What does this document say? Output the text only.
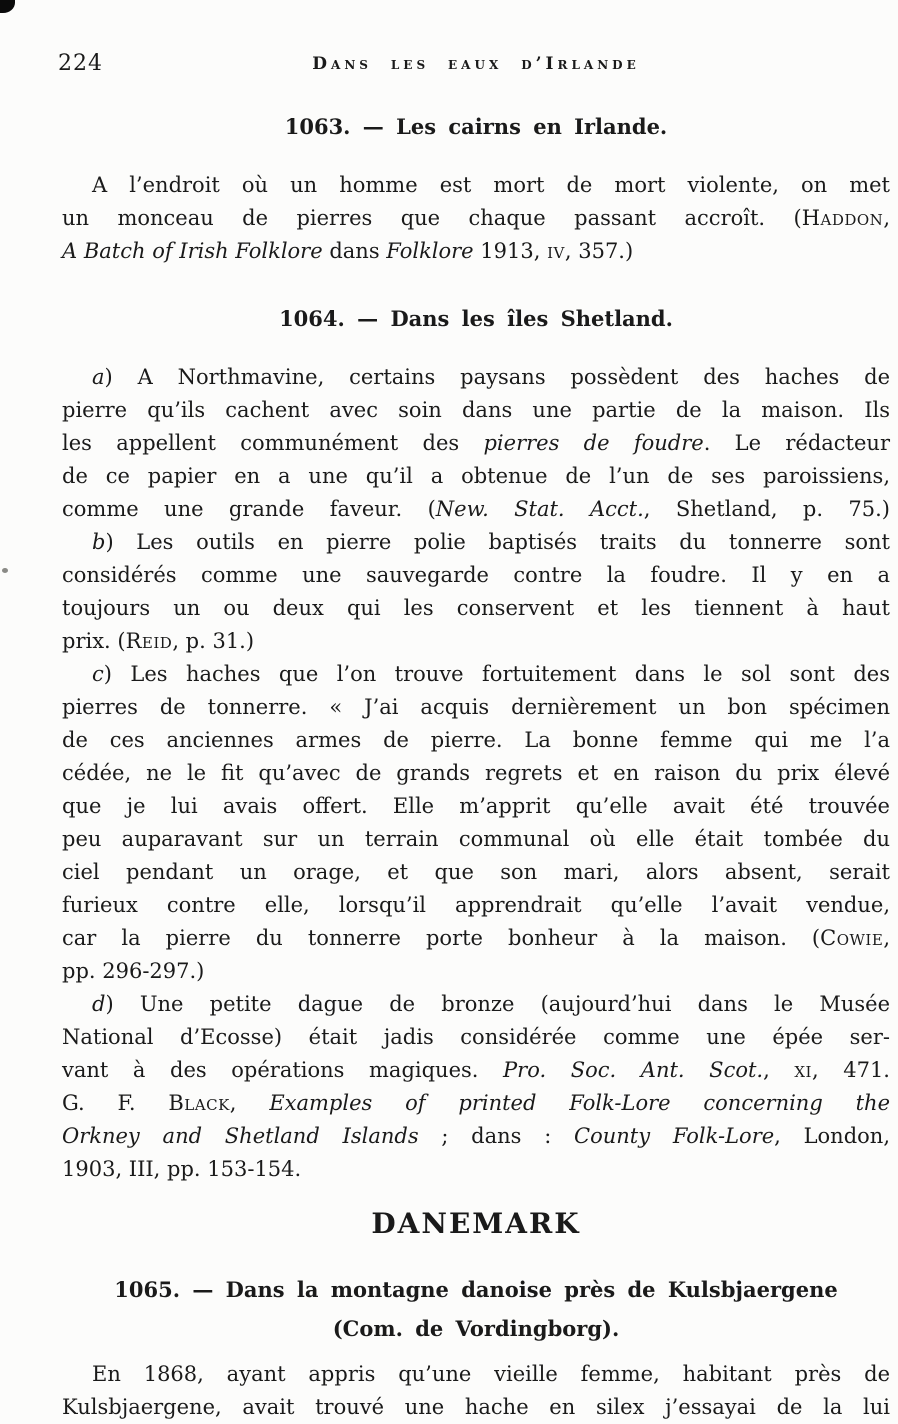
224	Dans les eaux d’Irlande
1063. — Les cairns en Irlande.
A l’endroit où un homme est mort de mort violente, on met
un monceau de pierres que chaque passant accroît. (Haddon,
A Batch of Irish Folklore dans Folklore 1913, iv, 357.)
1064. — Dans les îles Shetland.
a) A Northmavine, certains paysans possèdent des haches de
pierre qu’ils cachent avec soin dans une partie de la maison. Ils
les appellent communément des pierres de foudre. Le rédacteur
de ce papier en a une qu’il a obtenue de l’un de ses paroissiens,
comme une grande faveur. (New. Stat. Acct., Shetland, p. 75.)
b) Les outils en pierre polie baptisés traits du tonnerre sont
considérés comme une sauvegarde contre la foudre. Il y en a
toujours un ou deux qui les conservent et les tiennent à haut
prix. (Reid, p. 31.)
c) Les haches que l’on trouve fortuitement dans le sol sont des
pierres de tonnerre. « J’ai acquis dernièrement un bon spécimen
de ces anciennes armes de pierre. La bonne femme qui me l’a
cédée, ne le fit qu’avec de grands regrets et en raison du prix élevé
que je lui avais offert. Elle m’apprit qu’elle avait été trouvée
peu auparavant sur un terrain communal où elle était tombée du
ciel pendant un orage, et que son mari, alors absent, serait
furieux contre elle, lorsqu’il apprendrait qu’elle l’avait vendue,
car la pierre du tonnerre porte bonheur à la maison. (Cowie,
pp. 296-297.)
d) Une petite dague de bronze (aujourd’hui dans le Musée
National d’Ecosse) était jadis considérée comme une épée ser-
vant à des opérations magiques. Pro. Soc. Ant. Scot., xi, 471.
G. F. Black, Examples of printed Folk-Lore concerning the
Orkney and Shetland Islands ; dans : County Folk-Lore, London,
1903, III, pp. 153-154.
DANEMARK
1065. — Dans la montagne danoise près de Kulsbjaergene
(Com. de Vordingborg).
En 1868, ayant appris qu’une vieille femme, habitant près de
Kulsbjaergene, avait trouvé une hache en silex j’essayai de la lui
